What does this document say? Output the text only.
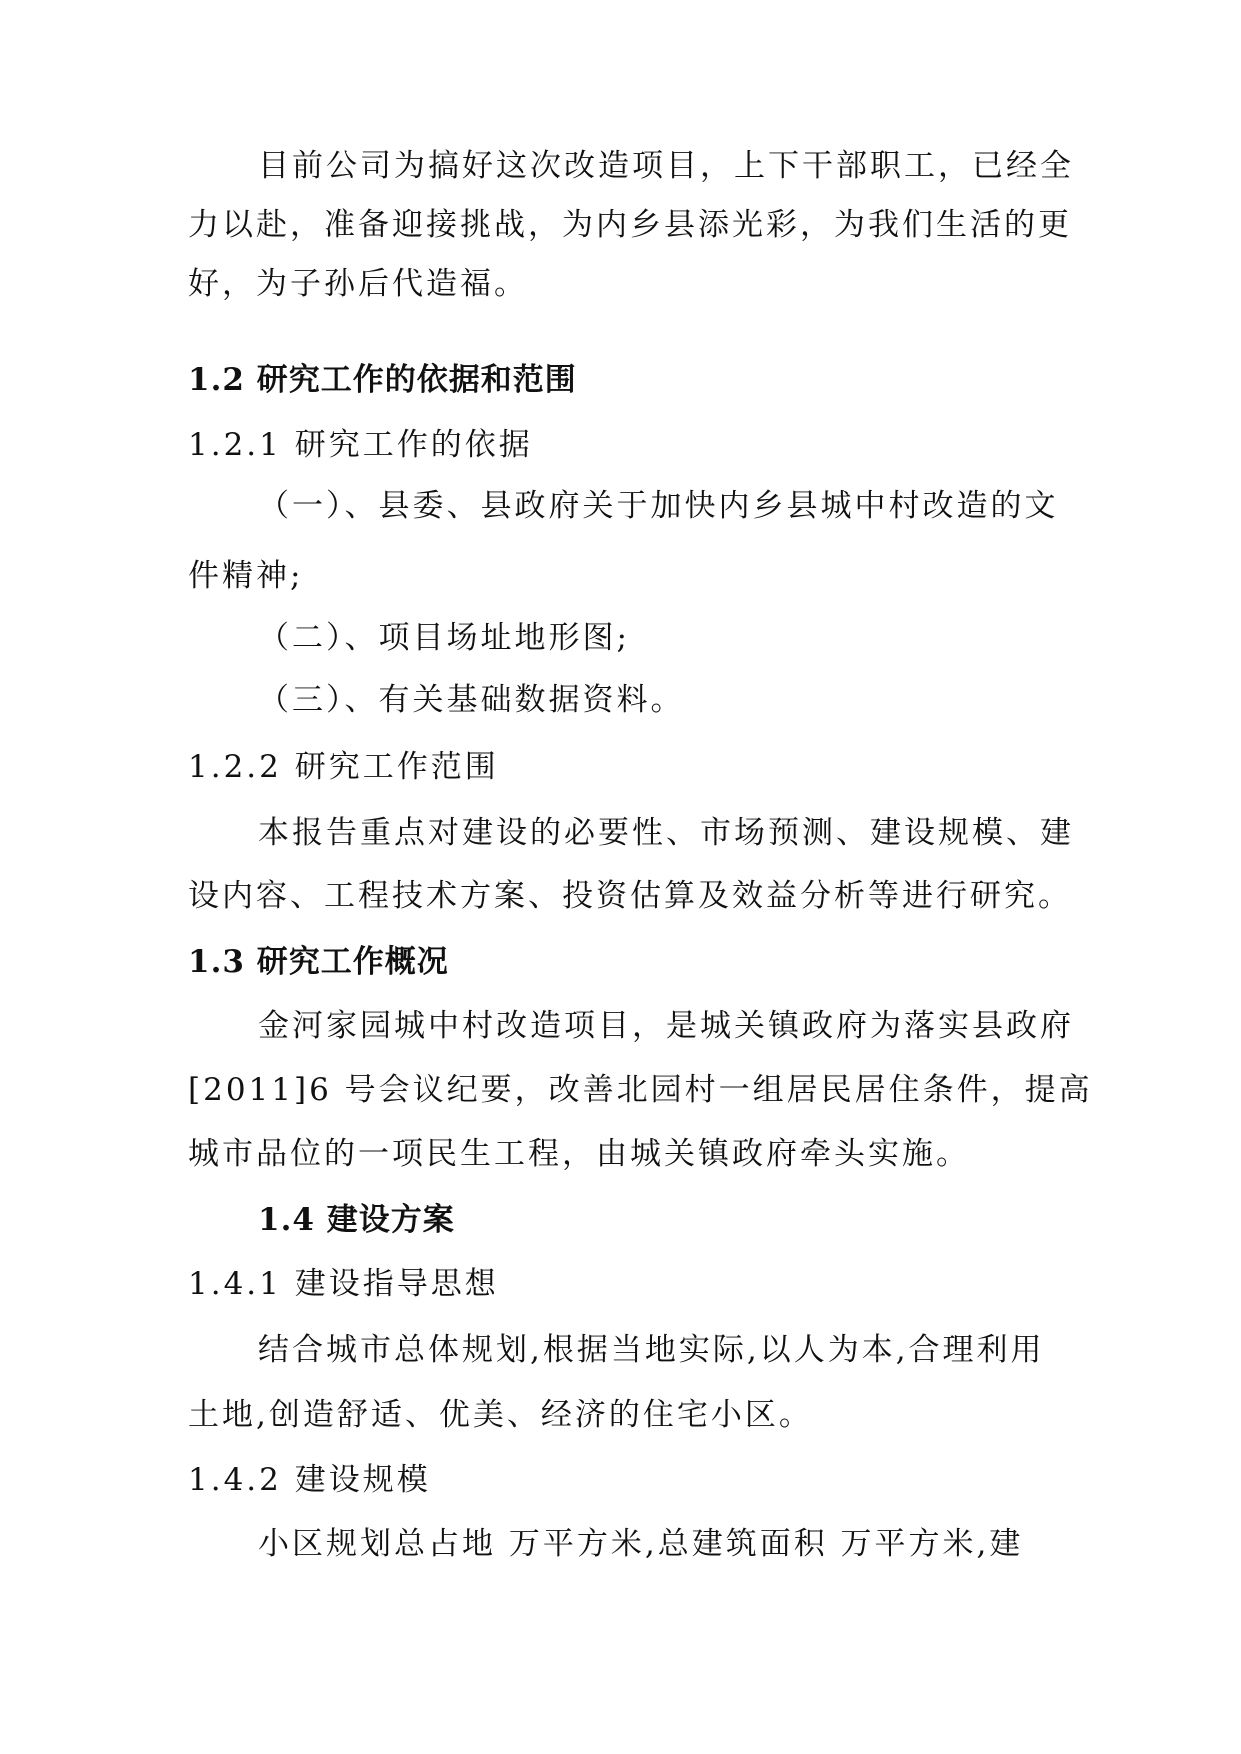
目前公司为搞好这次改造项目，上下干部职工，已经全
力以赴，准备迎接挑战，为内乡县添光彩，为我们生活的更
好，为子孙后代造福。
1.2 研究工作的依据和范围
1.2.1 研究工作的依据
（一）、县委、县政府关于加快内乡县城中村改造的文
件精神;
（二）、项目场址地形图;
（三）、有关基础数据资料。
1.2.2 研究工作范围
本报告重点对建设的必要性、市场预测、建设规模、建
设内容、工程技术方案、投资估算及效益分析等进行研究。
1.3 研究工作概况
金河家园城中村改造项目，是城关镇政府为落实县政府
[2011]6 号会议纪要，改善北园村一组居民居住条件，提高
城市品位的一项民生工程，由城关镇政府牵头实施。
1.4 建设方案
1.4.1 建设指导思想
结合城市总体规划,根据当地实际,以人为本,合理利用
土地,创造舒适、优美、经济的住宅小区。
1.4.2 建设规模
小区规划总占地 万平方米,总建筑面积 万平方米,建
